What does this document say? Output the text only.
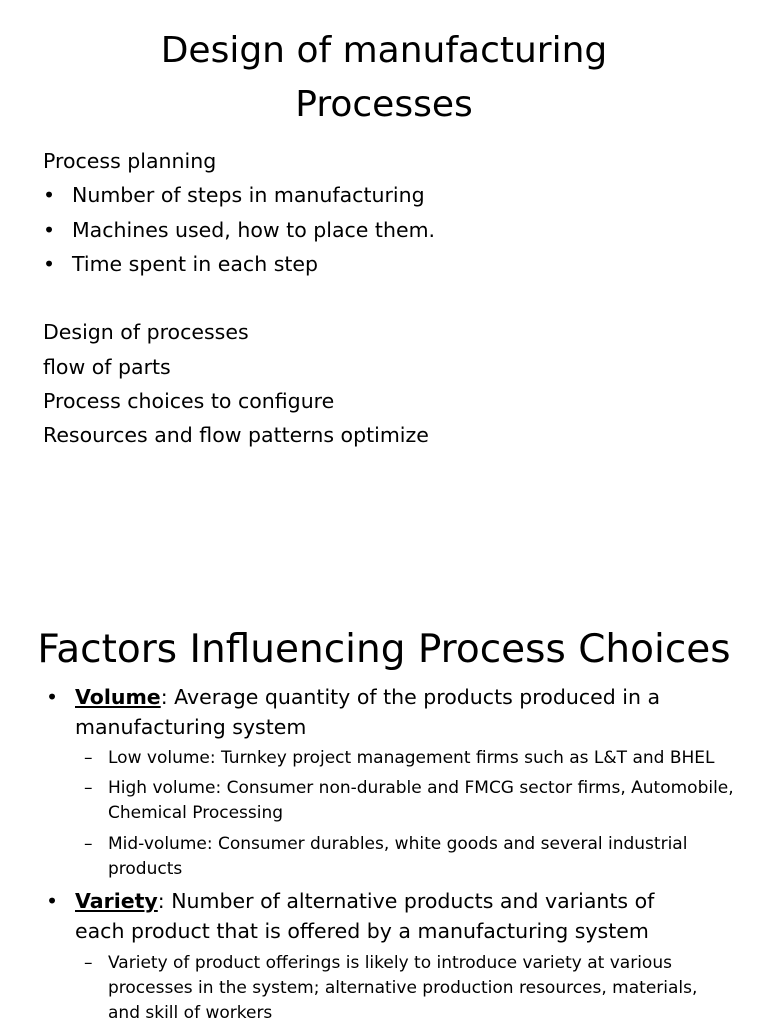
Design of manufacturing
Processes
Process planning
• Number of steps in manufacturing
• Machines used, how to place them.
• Time spent in each step
Design of processes
flow of parts
Process choices to configure
Resources and flow patterns optimize
Factors Influencing Process Choices
• Volume: Average quantity of the products produced in a manufacturing system
– Low volume: Turnkey project management firms such as L&T and BHEL
– High volume: Consumer non-durable and FMCG sector firms, Automobile, Chemical Processing
– Mid-volume: Consumer durables, white goods and several industrial products
• Variety: Number of alternative products and variants of each product that is offered by a manufacturing system
– Variety of product offerings is likely to introduce variety at various processes in the system; alternative production resources, materials, and skill of workers
